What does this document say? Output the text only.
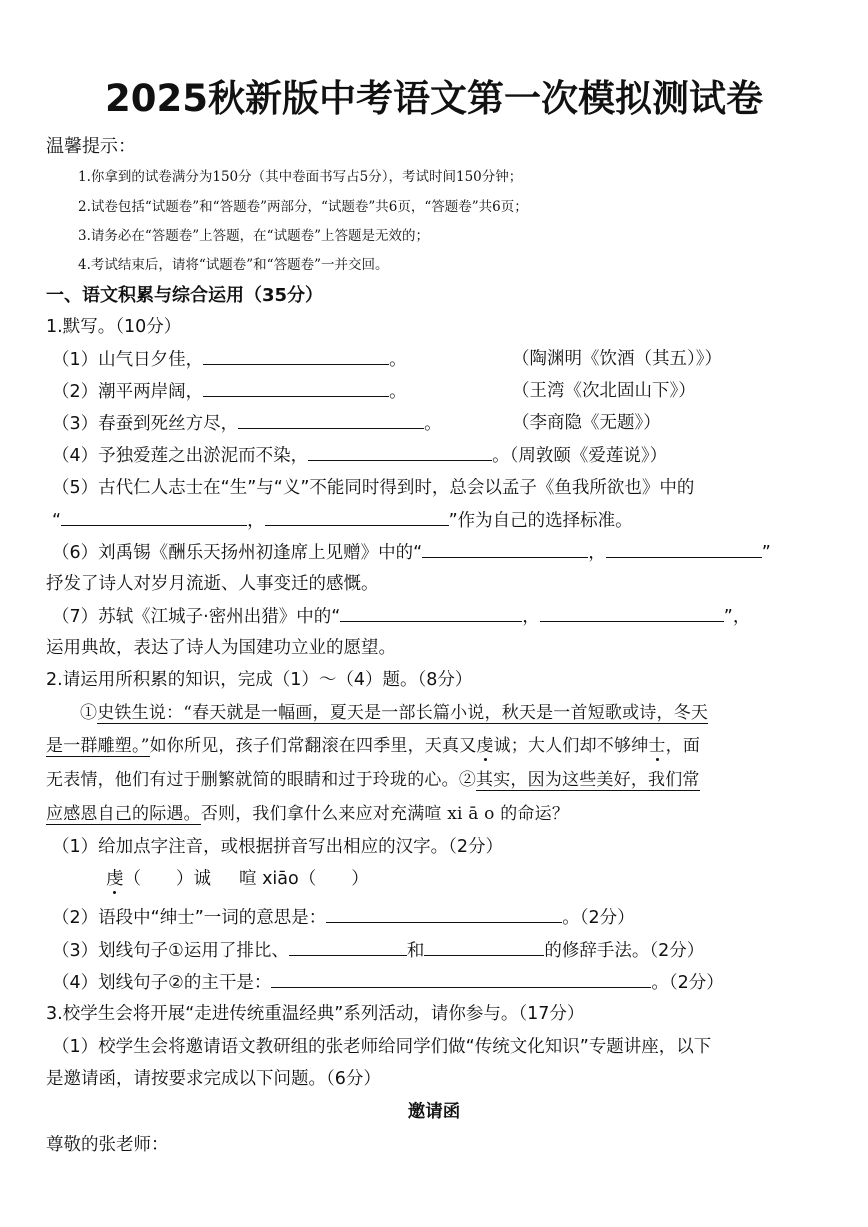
2025秋新版中考语文第一次模拟测试卷
温馨提示：
1.你拿到的试卷满分为150分（其中卷面书写占5分），考试时间150分钟；
2.试卷包括“试题卷”和“答题卷”两部分，“试题卷”共6页，“答题卷”共6页；
3.请务必在“答题卷”上答题，在“试题卷”上答题是无效的；
4.考试结束后，请将“试题卷”和“答题卷”一并交回。
一、语文积累与综合运用（35分）
1.默写。（10分）
（1）山气日夕佳，	。	（陶渊明《饮酒（其五）》）
（2）潮平两岸阔，	。	（王湾《次北固山下》）
（3）春蚕到死丝方尽，	。	（李商隐《无题》）
（4）予独爱莲之出淤泥而不染，	。（周敦颐《爱莲说》）
（5）古代仁人志士在“生”与“义”不能同时得到时，总会以孟子《鱼我所欲也》中的
“	，	”作为自己的选择标准。
（6）刘禹锡《酬乐天扬州初逢席上见赠》中的“	，	”
抒发了诗人对岁月流逝、人事变迁的感慨。
（7）苏轼《江城子·密州出猎》中的“	，	”，
运用典故，表达了诗人为国建功立业的愿望。
2.请运用所积累的知识，完成（1）～（4）题。（8分）
①史铁生说：“春天就是一幅画，夏天是一部长篇小说，秋天是一首短歌或诗，冬天
是一群雕塑。”如你所见，孩子们常翻滚在四季里，天真又虔诚；大人们却不够绅士，面
无表情，他们有过于删繁就简的眼睛和过于玲珑的心。②其实，因为这些美好，我们常
应感恩自己的际遇。否则，我们拿什么来应对充满喧 xi ā o 的命运？
（1）给加点字注音，或根据拼音写出相应的汉字。（2分）
虔（　　）诚 喧 xiāo（　　）
（2）语段中“绅士”一词的意思是：	。（2分）
（3）划线句子①运用了排比、	和	的修辞手法。（2分）
（4）划线句子②的主干是：	。（2分）
3.校学生会将开展“走进传统重温经典”系列活动，请你参与。（17分）
（1）校学生会将邀请语文教研组的张老师给同学们做“传统文化知识”专题讲座，以下
是邀请函，请按要求完成以下问题。（6分）
邀请函
尊敬的张老师：
